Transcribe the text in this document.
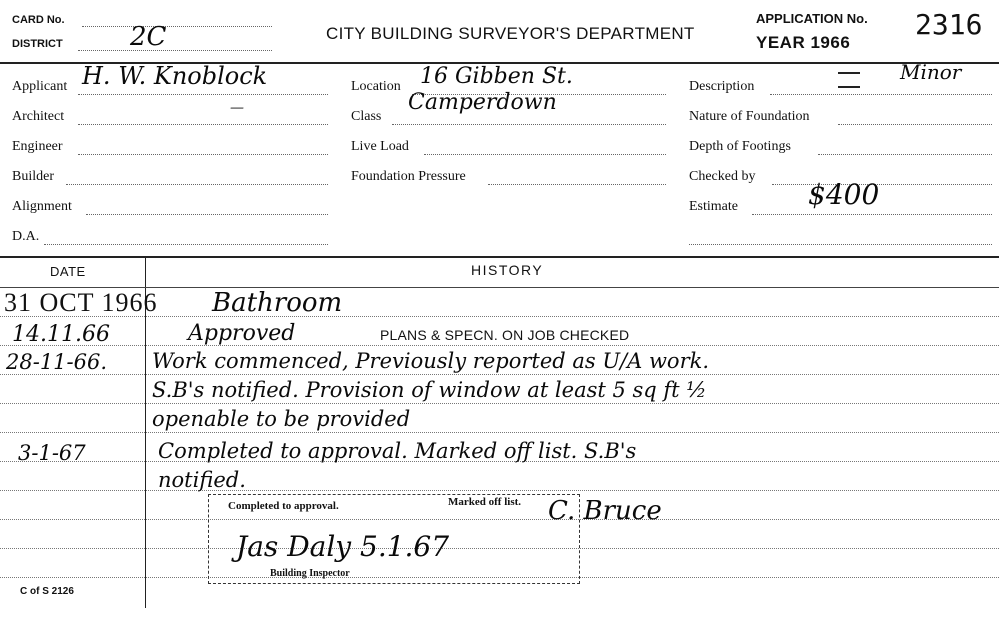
CARD No.
DISTRICT	2C	CITY BUILDING SURVEYOR'S DEPARTMENT
APPLICATION No. 2316
YEAR 1966
Applicant H. W. Knoblock
Architect
—
Engineer
Builder
Alignment
D.A.
Location 16 Gibben St.
Class
Camperdown
Live Load
Foundation Pressure
Description
Minor
Nature of Foundation
Depth of Footings
Checked by
Estimate	$400
DATE	HISTORY
31 OCT 1966 Bathroom
14.11.66	Approved	PLANS & SPECN. ON JOB CHECKED
28-11-66. Work commenced, Previously reported as U/A work.
S.B's notified. Provision of window at least 5 sq ft ½
openable to be provided
3-1-67	Completed to approval. Marked off list. S.B's
notified.
Completed to approval.	Marked off list. C. Bruce
Jas Daly 5.1.67
Building Inspector
C of S 2126
